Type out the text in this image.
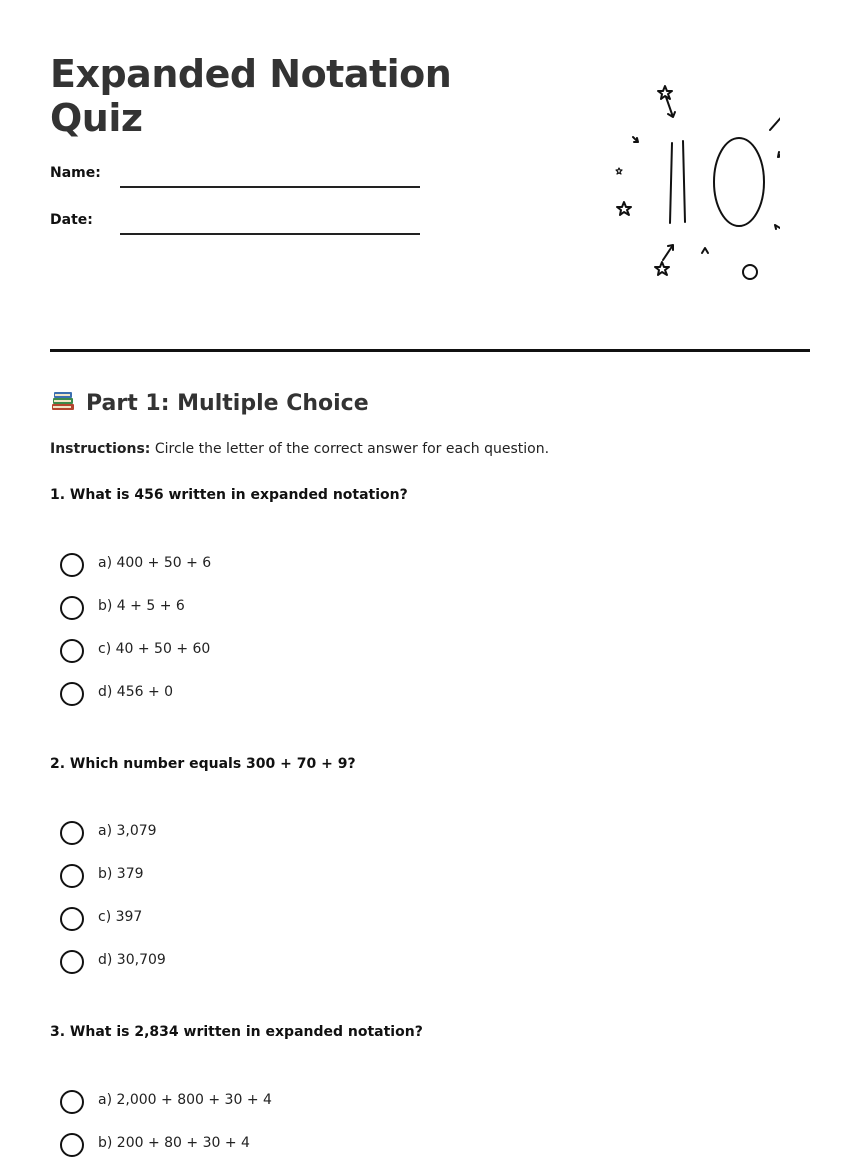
Expanded Notation
Quiz
Name:
Date:
10
Part 1: Multiple Choice
Instructions: Circle the letter of the correct answer for each question.
1. What is 456 written in expanded notation?
a) 400 + 50 + 6
b) 4 + 5 + 6
c) 40 + 50 + 60
d) 456 + 0
2. Which number equals 300 + 70 + 9?
a) 3,079
b) 379
c) 397
d) 30,709
3. What is 2,834 written in expanded notation?
a) 2,000 + 800 + 30 + 4
b) 200 + 80 + 30 + 4
